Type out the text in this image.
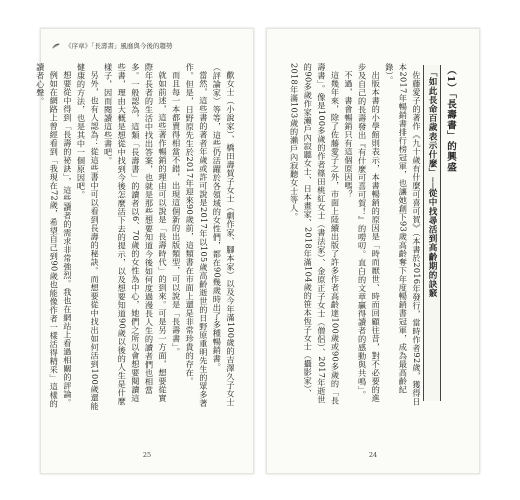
《序章》「長壽書」風靡與今後的趨勢

歡女士（小說家）、橋田壽賀子女士（劇作家、腳本家）以及今年滿100歲的吉澤久子女士（評論家）等等，這些仍活躍於各領域的女性們，都在90幾歲時出了多種暢銷書。

當然，這些書的著者年歲或許可說是2017年以105歲高齡逝世的日野原重明先生的眾多著作。但是，日野原先生於2017年迎來90歲前，這類書在市面上還是非常珍貴的存在。

而且每一本都賣得相當不錯，出現這個新的出版類型，可以說是「長壽書」。

就如前述，這些著作暢銷的理由可以說是「長壽時代」的到來。可是另一方面，想要從實際年長者的生活中找出答案，也就是那些想要知道今後如何度過漫長人生的讀者們也相當多。一般認為，這類「長壽書」的讀者以6、70歲的女性為中心，她們之所以會想要閱讀這些書，理由大概是想從中找到今後怎麼活下去的提示，以及想要知道90歲以後的人生是什麼樣子，因而閱讀這些書吧。

另外，也有人認為：從這些書中可以看到長壽的秘訣。而想要從中找出如何活到100歲還能健康的方法，也是其中一個原因吧。

想要從中得到「長壽的祕訣」，這些讀者的需求非常強烈。我也在網站上看過相關的評論。

例如在網路上曾經看到「我現在72歲，希望自己到90歲也能像作者一樣活得精采」這樣的讀者心聲。

25
（1）「長壽書」的興盛
「如此長命百歲表示什麼」──從中找尋活到高齡期的訣竅

佐藤愛子的著作《九十歲有什麼可喜可賀》（本書於2016年發行，當時作者92歲，獲得日本2017年暢銷書排行榜冠軍，也讓她創下93歲高齡奪下年度暢銷書冠軍，成為最高齡紀錄）。

出版本書的小學館則表示，本書暢銷的原因是「時而厭世、時而回顧往昔，對不必要的進步及自己的長壽發出『有什麼可喜可賀！』的嘮叨。直白的文章贏得讀者的感動與共鳴」。

不過，書會暢銷只有這個原因嗎？

這幾年來，除了佐藤愛子之外，市面上陸續出版了許多作者高齡達100歲或90多歲的「長壽書」。像是100多歲的作者篠田桃紅女士（書法家）、金原正子女士（僧侶）、2017年逝世的90多歲作家瀨戶內寂聽女士、日本畫家、2018年滿104歲的笹本恆子女士（攝影家）、2018年滿103歲的瀨戶內寂聽女士等人。

24
